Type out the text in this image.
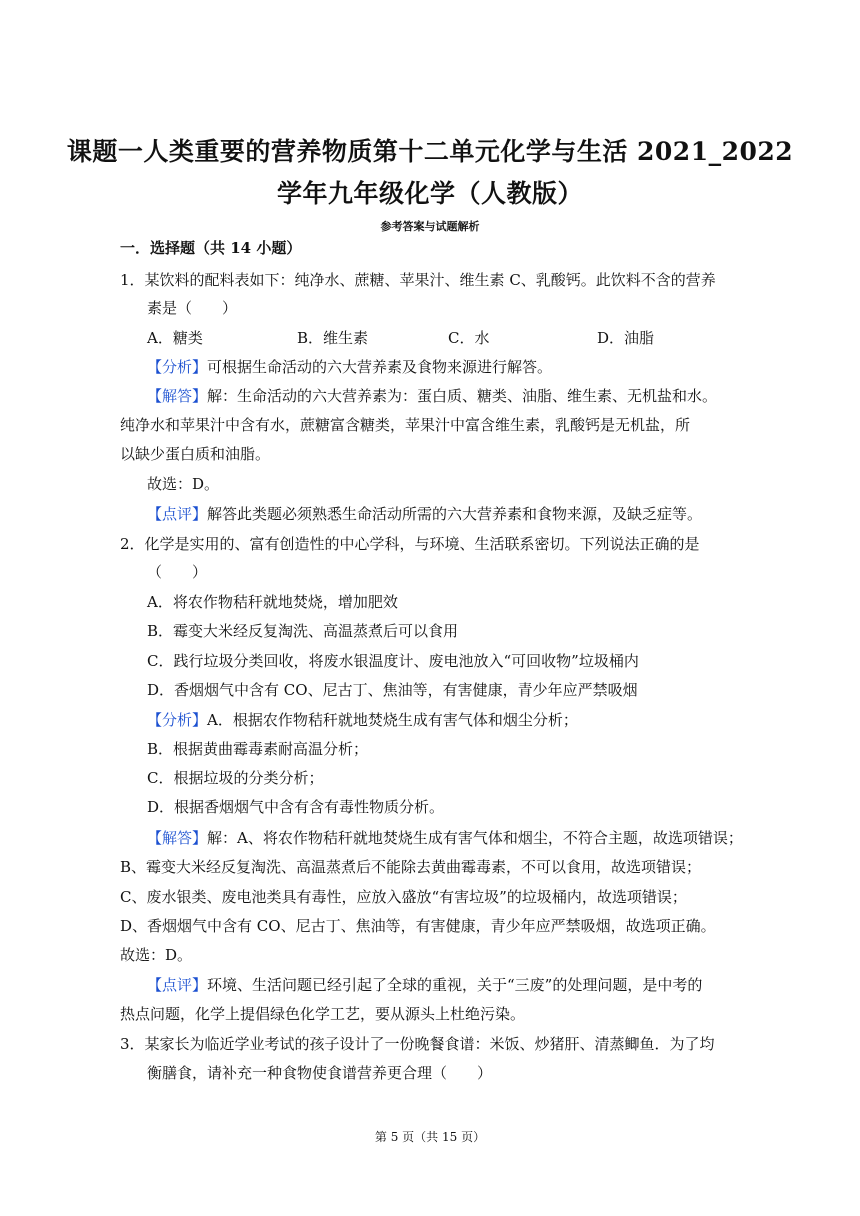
课题一人类重要的营养物质第十二单元化学与生活 2021_2022
学年九年级化学（人教版）
参考答案与试题解析
一．选择题（共 14 小题）
1．某饮料的配料表如下：纯净水、蔗糖、苹果汁、维生素 C、乳酸钙。此饮料不含的营养
素是（　　）
A．糖类	B．维生素	C．水	D．油脂
【分析】可根据生命活动的六大营养素及食物来源进行解答。
【解答】解：生命活动的六大营养素为：蛋白质、糖类、油脂、维生素、无机盐和水。
纯净水和苹果汁中含有水，蔗糖富含糖类，苹果汁中富含维生素，乳酸钙是无机盐，所
以缺少蛋白质和油脂。
故选：D。
【点评】解答此类题必须熟悉生命活动所需的六大营养素和食物来源，及缺乏症等。
2．化学是实用的、富有创造性的中心学科，与环境、生活联系密切。下列说法正确的是
（　　）
A．将农作物秸秆就地焚烧，增加肥效
B．霉变大米经反复淘洗、高温蒸煮后可以食用
C．践行垃圾分类回收，将废水银温度计、废电池放入“可回收物”垃圾桶内
D．香烟烟气中含有 CO、尼古丁、焦油等，有害健康，青少年应严禁吸烟
【分析】A．根据农作物秸秆就地焚烧生成有害气体和烟尘分析；
B．根据黄曲霉毒素耐高温分析；
C．根据垃圾的分类分析；
D．根据香烟烟气中含有含有毒性物质分析。
【解答】解：A、将农作物秸秆就地焚烧生成有害气体和烟尘，不符合主题，故选项错误；
B、霉变大米经反复淘洗、高温蒸煮后不能除去黄曲霉毒素，不可以食用，故选项错误；
C、废水银类、废电池类具有毒性，应放入盛放“有害垃圾”的垃圾桶内，故选项错误；
D、香烟烟气中含有 CO、尼古丁、焦油等，有害健康，青少年应严禁吸烟，故选项正确。
故选：D。
【点评】环境、生活问题已经引起了全球的重视，关于“三废”的处理问题，是中考的
热点问题，化学上提倡绿色化学工艺，要从源头上杜绝污染。
3．某家长为临近学业考试的孩子设计了一份晚餐食谱：米饭、炒猪肝、清蒸鲫鱼．为了均
衡膳食，请补充一种食物使食谱营养更合理（　　）
第 5 页（共 15 页）
